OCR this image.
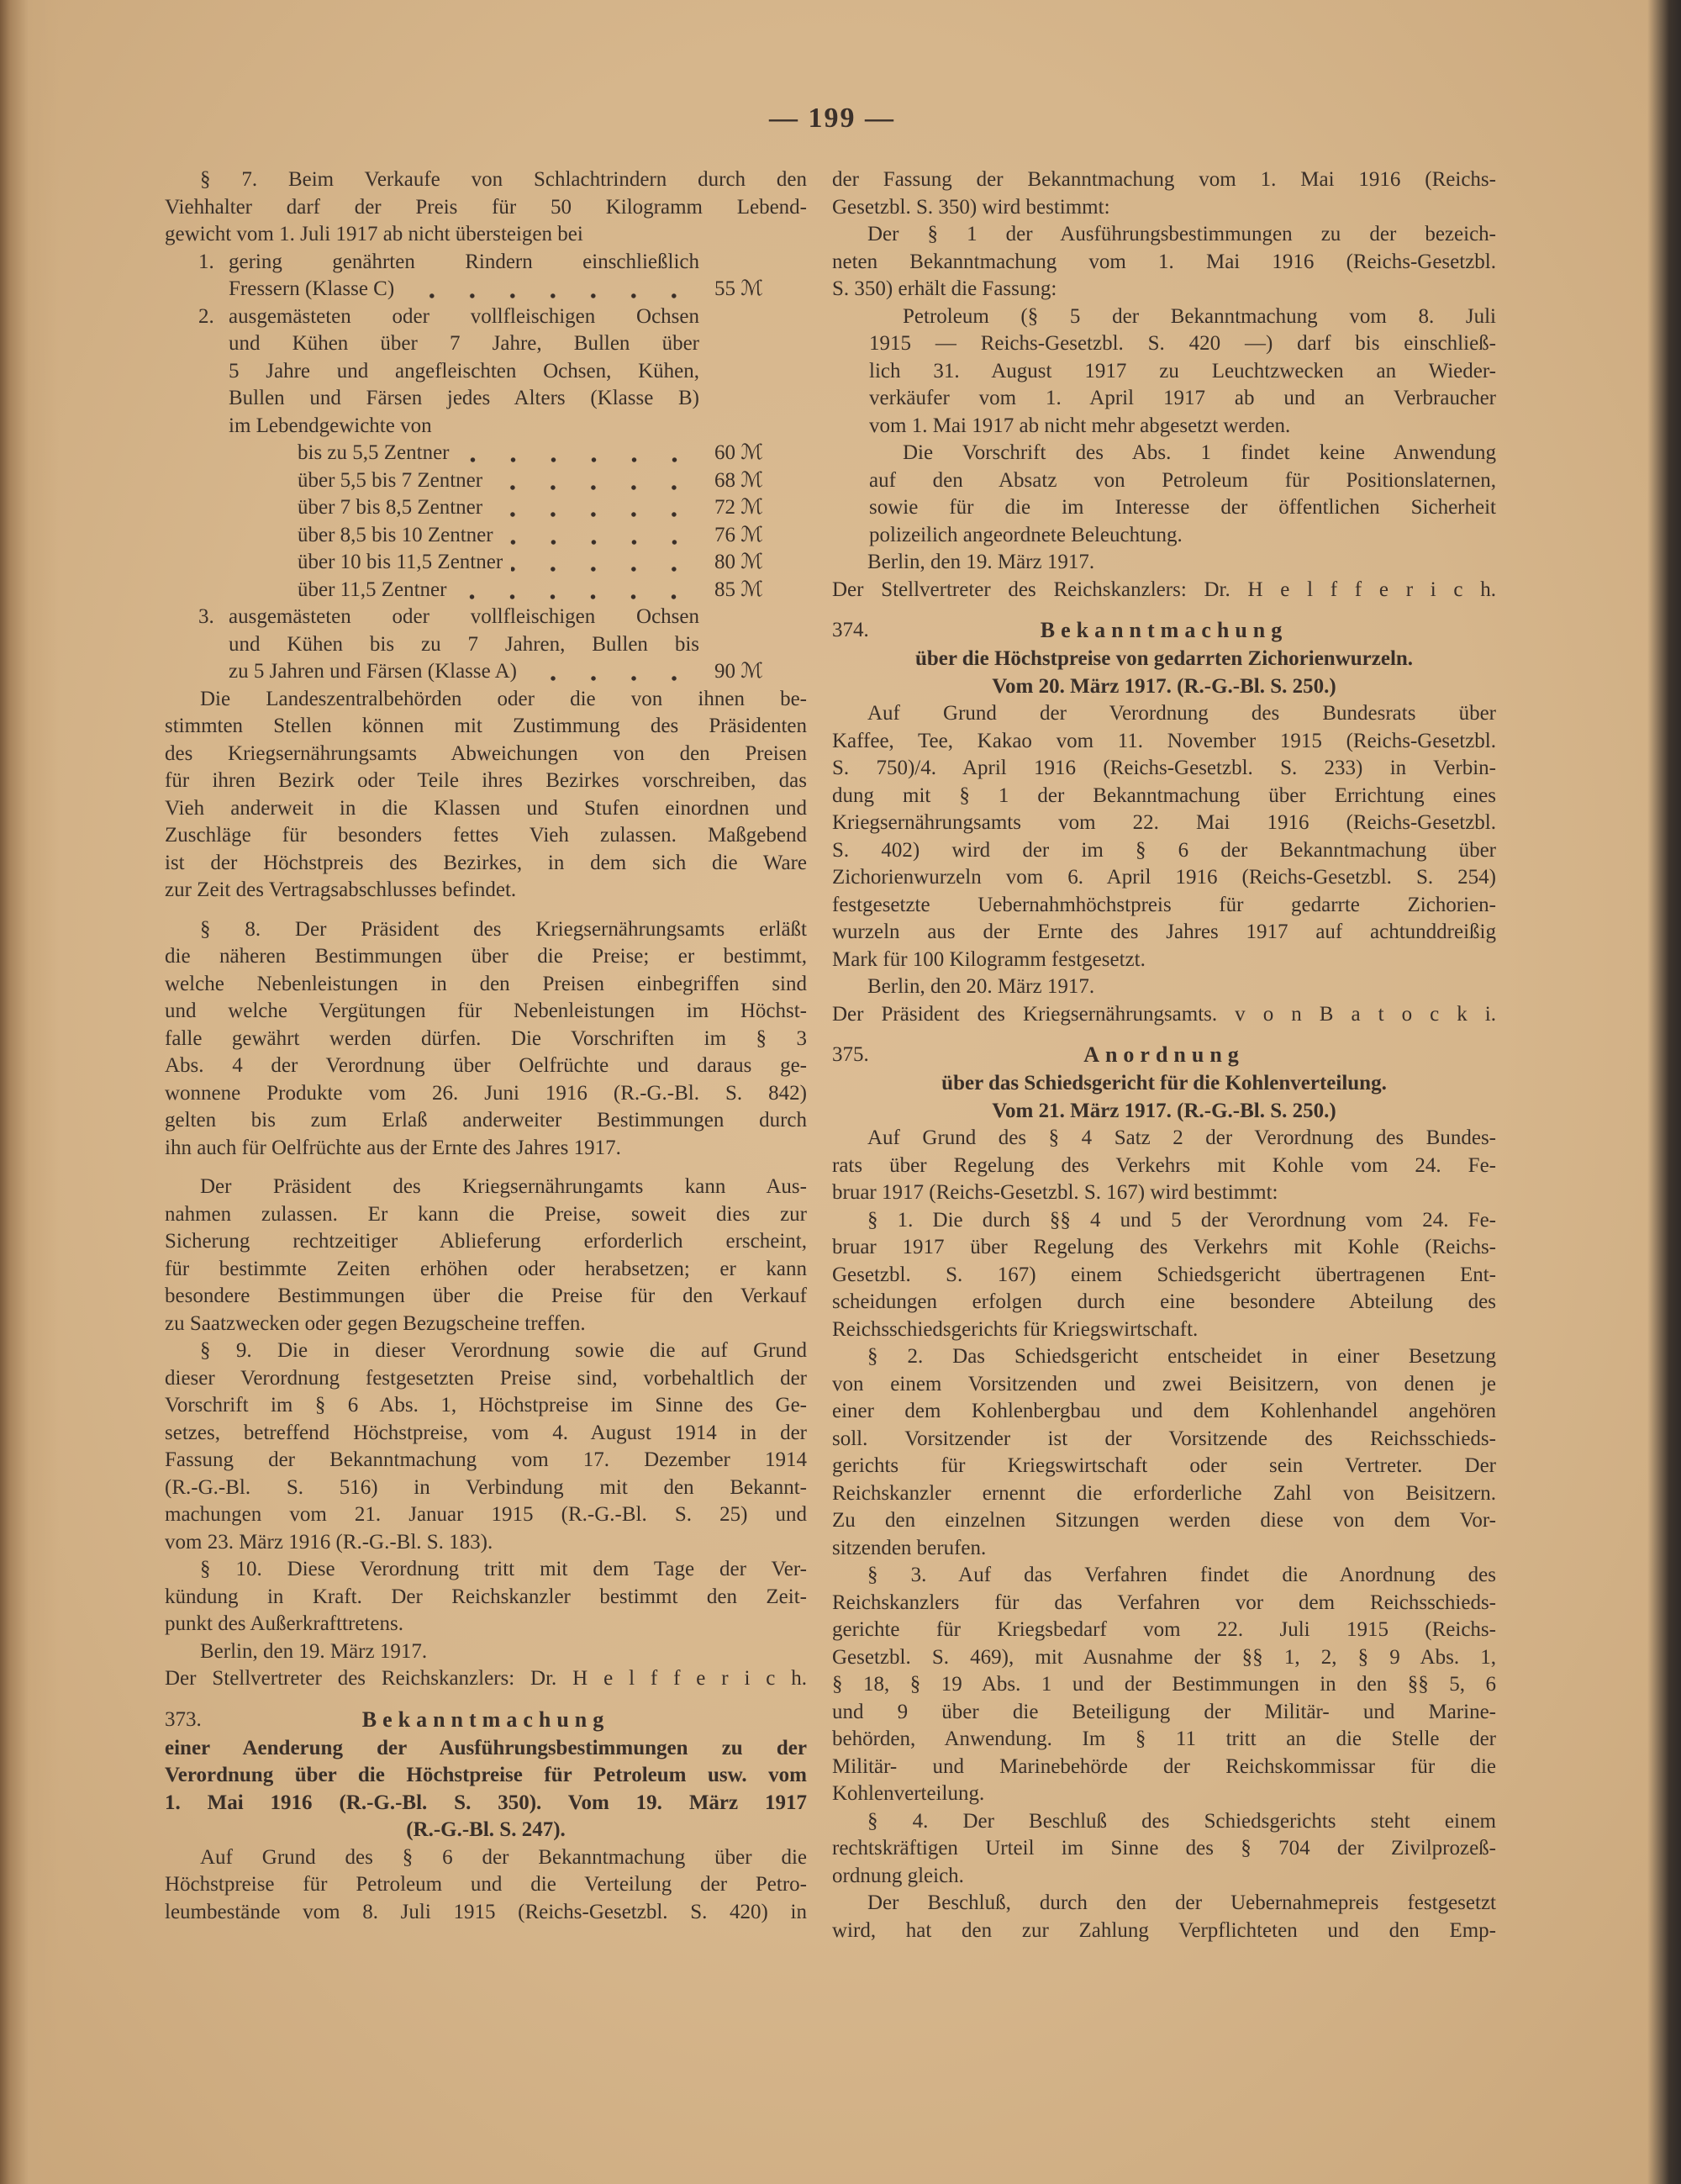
— 199 —
§ 7. Beim Verkaufe von Schlachtrindern durch den
Viehhalter darf der Preis für 50 Kilogramm Lebend-
gewicht vom 1. Juli 1917 ab nicht übersteigen bei
1. gering genährten Rindern einschließlich
Fressern (Klasse C)	55 ℳ
2. ausgemästeten oder vollfleischigen Ochsen
und Kühen über 7 Jahre, Bullen über
5 Jahre und angefleischten Ochsen, Kühen,
Bullen und Färsen jedes Alters (Klasse B)
im Lebendgewichte von
bis zu 5,5 Zentner	60 ℳ
über 5,5 bis 7 Zentner	68 ℳ
über 7 bis 8,5 Zentner	72 ℳ
über 8,5 bis 10 Zentner	76 ℳ
über 10 bis 11,5 Zentner	80 ℳ
über 11,5 Zentner	85 ℳ
3. ausgemästeten oder vollfleischigen Ochsen
und Kühen bis zu 7 Jahren, Bullen bis
zu 5 Jahren und Färsen (Klasse A)	90 ℳ
Die Landeszentralbehörden oder die von ihnen be-
stimmten Stellen können mit Zustimmung des Präsidenten
des Kriegsernährungsamts Abweichungen von den Preisen
für ihren Bezirk oder Teile ihres Bezirkes vorschreiben, das
Vieh anderweit in die Klassen und Stufen einordnen und
Zuschläge für besonders fettes Vieh zulassen. Maßgebend
ist der Höchstpreis des Bezirkes, in dem sich die Ware
zur Zeit des Vertragsabschlusses befindet.
§ 8. Der Präsident des Kriegsernährungsamts erläßt
die näheren Bestimmungen über die Preise; er bestimmt,
welche Nebenleistungen in den Preisen einbegriffen sind
und welche Vergütungen für Nebenleistungen im Höchst-
falle gewährt werden dürfen. Die Vorschriften im § 3
Abs. 4 der Verordnung über Oelfrüchte und daraus ge-
wonnene Produkte vom 26. Juni 1916 (R.-G.-Bl. S. 842)
gelten bis zum Erlaß anderweiter Bestimmungen durch
ihn auch für Oelfrüchte aus der Ernte des Jahres 1917.
Der Präsident des Kriegsernährungamts kann Aus-
nahmen zulassen. Er kann die Preise, soweit dies zur
Sicherung rechtzeitiger Ablieferung erforderlich erscheint,
für bestimmte Zeiten erhöhen oder herabsetzen; er kann
besondere Bestimmungen über die Preise für den Verkauf
zu Saatzwecken oder gegen Bezugscheine treffen.
§ 9. Die in dieser Verordnung sowie die auf Grund
dieser Verordnung festgesetzten Preise sind, vorbehaltlich der
Vorschrift im § 6 Abs. 1, Höchstpreise im Sinne des Ge-
setzes, betreffend Höchstpreise, vom 4. August 1914 in der
Fassung der Bekanntmachung vom 17. Dezember 1914
(R.-G.-Bl. S. 516) in Verbindung mit den Bekannt-
machungen vom 21. Januar 1915 (R.-G.-Bl. S. 25) und
vom 23. März 1916 (R.-G.-Bl. S. 183).
§ 10. Diese Verordnung tritt mit dem Tage der Ver-
kündung in Kraft. Der Reichskanzler bestimmt den Zeit-
punkt des Außerkrafttretens.
Berlin, den 19. März 1917.
Der Stellvertreter des Reichskanzlers: Dr. H e l f f e r i c h.
373.	Bekanntmachung
einer Aenderung der Ausführungsbestimmungen zu der
Verordnung über die Höchstpreise für Petroleum usw. vom
1. Mai 1916 (R.-G.-Bl. S. 350). Vom 19. März 1917
(R.-G.-Bl. S. 247).
Auf Grund des § 6 der Bekanntmachung über die
Höchstpreise für Petroleum und die Verteilung der Petro-
leumbestände vom 8. Juli 1915 (Reichs-Gesetzbl. S. 420) in
der Fassung der Bekanntmachung vom 1. Mai 1916 (Reichs-
Gesetzbl. S. 350) wird bestimmt:
Der § 1 der Ausführungsbestimmungen zu der bezeich-
neten Bekanntmachung vom 1. Mai 1916 (Reichs-Gesetzbl.
S. 350) erhält die Fassung:
Petroleum (§ 5 der Bekanntmachung vom 8. Juli
1915 — Reichs-Gesetzbl. S. 420 —) darf bis einschließ-
lich 31. August 1917 zu Leuchtzwecken an Wieder-
verkäufer vom 1. April 1917 ab und an Verbraucher
vom 1. Mai 1917 ab nicht mehr abgesetzt werden.
Die Vorschrift des Abs. 1 findet keine Anwendung
auf den Absatz von Petroleum für Positionslaternen,
sowie für die im Interesse der öffentlichen Sicherheit
polizeilich angeordnete Beleuchtung.
Berlin, den 19. März 1917.
Der Stellvertreter des Reichskanzlers: Dr. H e l f f e r i c h.
374.	Bekanntmachung
über die Höchstpreise von gedarrten Zichorienwurzeln.
Vom 20. März 1917. (R.-G.-Bl. S. 250.)
Auf Grund der Verordnung des Bundesrats über
Kaffee, Tee, Kakao vom 11. November 1915 (Reichs-Gesetzbl.
S. 750)/4. April 1916 (Reichs-Gesetzbl. S. 233) in Verbin-
dung mit § 1 der Bekanntmachung über Errichtung eines
Kriegsernährungsamts vom 22. Mai 1916 (Reichs-Gesetzbl.
S. 402) wird der im § 6 der Bekanntmachung über
Zichorienwurzeln vom 6. April 1916 (Reichs-Gesetzbl. S. 254)
festgesetzte Uebernahmhöchstpreis für gedarrte Zichorien-
wurzeln aus der Ernte des Jahres 1917 auf achtunddreißig
Mark für 100 Kilogramm festgesetzt.
Berlin, den 20. März 1917.
Der Präsident des Kriegsernährungsamts. v o n B a t o c k i.
375.	Anordnung
über das Schiedsgericht für die Kohlenverteilung.
Vom 21. März 1917. (R.-G.-Bl. S. 250.)
Auf Grund des § 4 Satz 2 der Verordnung des Bundes-
rats über Regelung des Verkehrs mit Kohle vom 24. Fe-
bruar 1917 (Reichs-Gesetzbl. S. 167) wird bestimmt:
§ 1. Die durch §§ 4 und 5 der Verordnung vom 24. Fe-
bruar 1917 über Regelung des Verkehrs mit Kohle (Reichs-
Gesetzbl. S. 167) einem Schiedsgericht übertragenen Ent-
scheidungen erfolgen durch eine besondere Abteilung des
Reichsschiedsgerichts für Kriegswirtschaft.
§ 2. Das Schiedsgericht entscheidet in einer Besetzung
von einem Vorsitzenden und zwei Beisitzern, von denen je
einer dem Kohlenbergbau und dem Kohlenhandel angehören
soll. Vorsitzender ist der Vorsitzende des Reichsschieds-
gerichts für Kriegswirtschaft oder sein Vertreter. Der
Reichskanzler ernennt die erforderliche Zahl von Beisitzern.
Zu den einzelnen Sitzungen werden diese von dem Vor-
sitzenden berufen.
§ 3. Auf das Verfahren findet die Anordnung des
Reichskanzlers für das Verfahren vor dem Reichsschieds-
gerichte für Kriegsbedarf vom 22. Juli 1915 (Reichs-
Gesetzbl. S. 469), mit Ausnahme der §§ 1, 2, § 9 Abs. 1,
§ 18, § 19 Abs. 1 und der Bestimmungen in den §§ 5, 6
und 9 über die Beteiligung der Militär- und Marine-
behörden, Anwendung. Im § 11 tritt an die Stelle der
Militär- und Marinebehörde der Reichskommissar für die
Kohlenverteilung.
§ 4. Der Beschluß des Schiedsgerichts steht einem
rechtskräftigen Urteil im Sinne des § 704 der Zivilprozeß-
ordnung gleich.
Der Beschluß, durch den der Uebernahmepreis festgesetzt
wird, hat den zur Zahlung Verpflichteten und den Emp-
